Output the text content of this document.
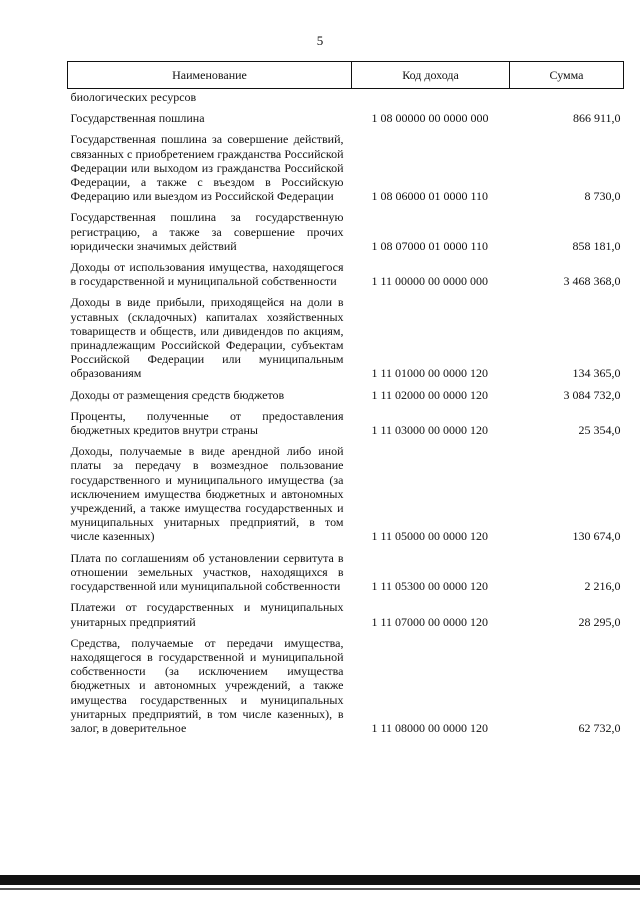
5
Наименование	Код дохода	Сумма
биологических ресурсов		
Государственная пошлина	1 08 00000 00 0000 000	866 911,0
Государственная пошлина за совершение действий, связанных с приобретением гражданства Российской Федерации или выходом из гражданства Российской Федерации, а также с въездом в Российскую Федерацию или выездом из Российской Федерации	1 08 06000 01 0000 110	8 730,0
Государственная пошлина за государственную регистрацию, а также за совершение прочих юридически значимых действий	1 08 07000 01 0000 110	858 181,0
Доходы от использования имущества, находящегося в государственной и муниципальной собственности	1 11 00000 00 0000 000	3 468 368,0
Доходы в виде прибыли, приходящейся на доли в уставных (складочных) капиталах хозяйственных товариществ и обществ, или дивидендов по акциям, принадлежащим Российской Федерации, субъектам Российской Федерации или муниципальным образованиям	1 11 01000 00 0000 120	134 365,0
Доходы от размещения средств бюджетов	1 11 02000 00 0000 120	3 084 732,0
Проценты, полученные от предоставления бюджетных кредитов внутри страны	1 11 03000 00 0000 120	25 354,0
Доходы, получаемые в виде арендной либо иной платы за передачу в возмездное пользование государственного и муниципального имущества (за исключением имущества бюджетных и автономных учреждений, а также имущества государственных и муниципальных унитарных предприятий, в том числе казенных)	1 11 05000 00 0000 120	130 674,0
Плата по соглашениям об установлении сервитута в отношении земельных участков, находящихся в государственной или муниципальной собственности	1 11 05300 00 0000 120	2 216,0
Платежи от государственных и муниципальных унитарных предприятий	1 11 07000 00 0000 120	28 295,0
Средства, получаемые от передачи имущества, находящегося в государственной и муниципальной собственности (за исключением имущества бюджетных и автономных учреждений, а также имущества государственных и муниципальных унитарных предприятий, в том числе казенных), в залог, в доверительное	1 11 08000 00 0000 120	62 732,0
